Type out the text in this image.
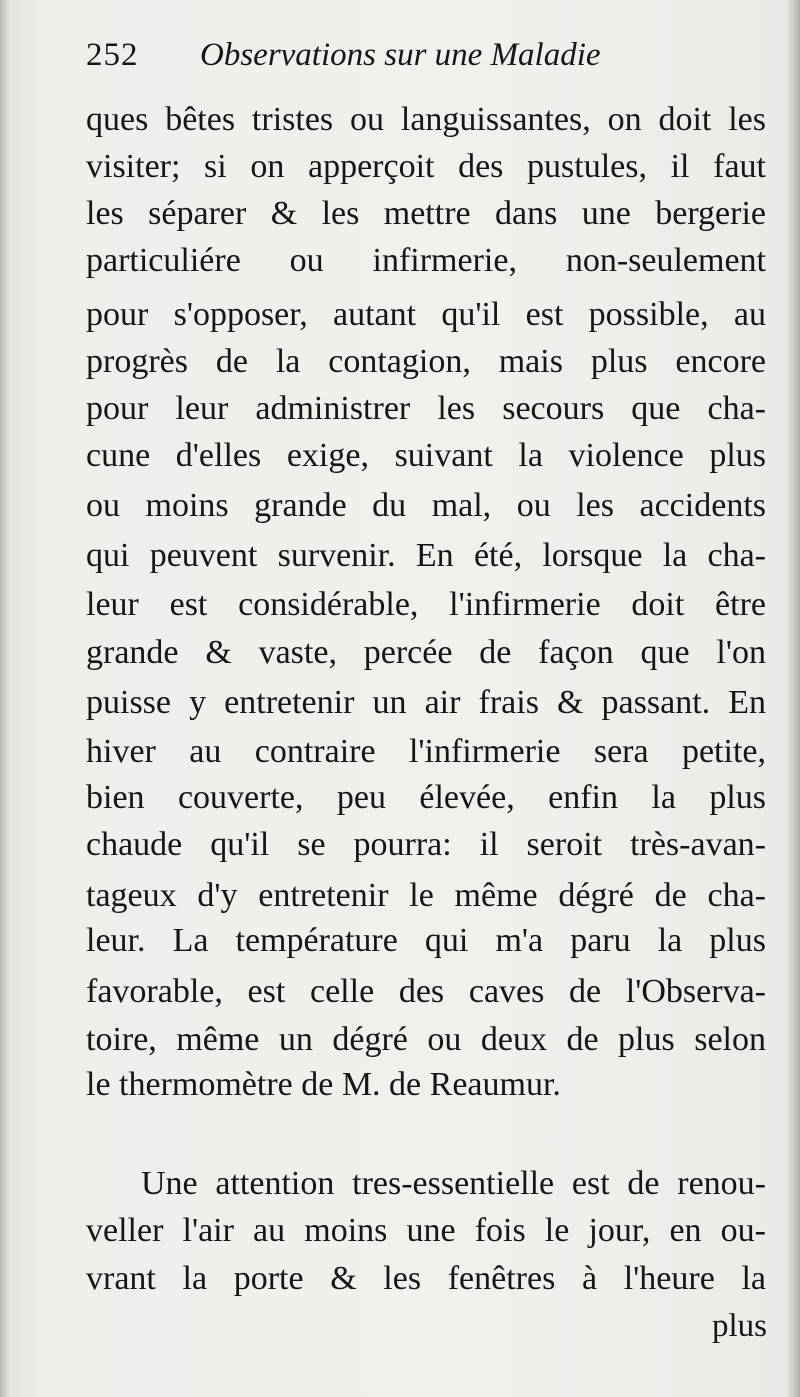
252 Observations sur une Maladie
ques bêtes tristes ou languissantes, on doit les
visiter; si on apperçoit des pustules, il faut
les séparer & les mettre dans une bergerie
particuliére ou infirmerie, non-seulement
pour s'opposer, autant qu'il est possible, au
progrès de la contagion, mais plus encore
pour leur administrer les secours que cha-
cune d'elles exige, suivant la violence plus
ou moins grande du mal, ou les accidents
qui peuvent survenir. En été, lorsque la cha-
leur est considérable, l'infirmerie doit être
grande & vaste, percée de façon que l'on
puisse y entretenir un air frais & passant. En
hiver au contraire l'infirmerie sera petite,
bien couverte, peu élevée, enfin la plus
chaude qu'il se pourra: il seroit très-avan-
tageux d'y entretenir le même dégré de cha-
leur. La température qui m'a paru la plus
favorable, est celle des caves de l'Observa-
toire, même un dégré ou deux de plus selon
le thermomètre de M. de Reaumur.
Une attention tres-essentielle est de renou-
veller l'air au moins une fois le jour, en ou-
vrant la porte & les fenêtres à l'heure la
plus
